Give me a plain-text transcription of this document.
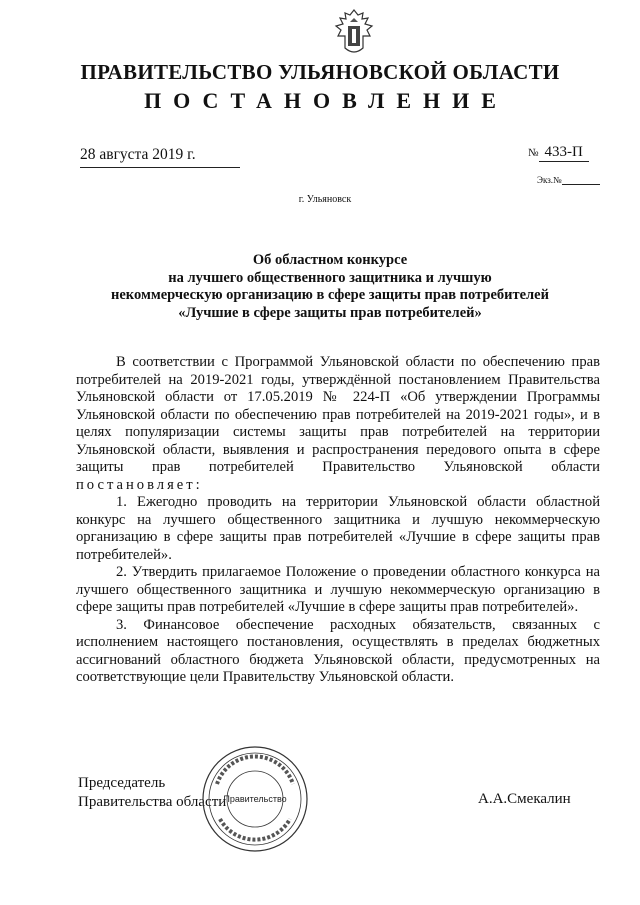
ПРАВИТЕЛЬСТВО УЛЬЯНОВСКОЙ ОБЛАСТИ
ПОСТАНОВЛЕНИЕ
28 августа 2019 г.	№ 433-П
Экз.№
г. Ульяновск
Об областном конкурсе
на лучшего общественного защитника и лучшую
некоммерческую организацию в сфере защиты прав потребителей
«Лучшие в сфере защиты прав потребителей»

В соответствии с Программой Ульяновской области по обеспечению прав потребителей на 2019-2021 годы, утверждённой постановлением Правительства Ульяновской области от 17.05.2019 № 224-П «Об утверждении Программы Ульяновской области по обеспечению прав потребителей на 2019-2021 годы», и в целях популяризации системы защиты прав потребителей на территории Ульяновской области, выявления и распространения передового опыта в сфере защиты прав потребителей Правительство Ульяновской области постановляет:

1. Ежегодно проводить на территории Ульяновской области областной конкурс на лучшего общественного защитника и лучшую некоммерческую организацию в сфере защиты прав потребителей «Лучшие в сфере защиты прав потребителей».

2. Утвердить прилагаемое Положение о проведении областного конкурса на лучшего общественного защитника и лучшую некоммерческую организацию в сфере защиты прав потребителей «Лучшие в сфере защиты прав потребителей».

3. Финансовое обеспечение расходных обязательств, связанных с исполнением настоящего постановления, осуществлять в пределах бюджетных ассигнований областного бюджета Ульяновской области, предусмотренных на соответствующие цели Правительству Ульяновской области.

Председатель
Правительства области	А.А.Смекалин
Правительство
